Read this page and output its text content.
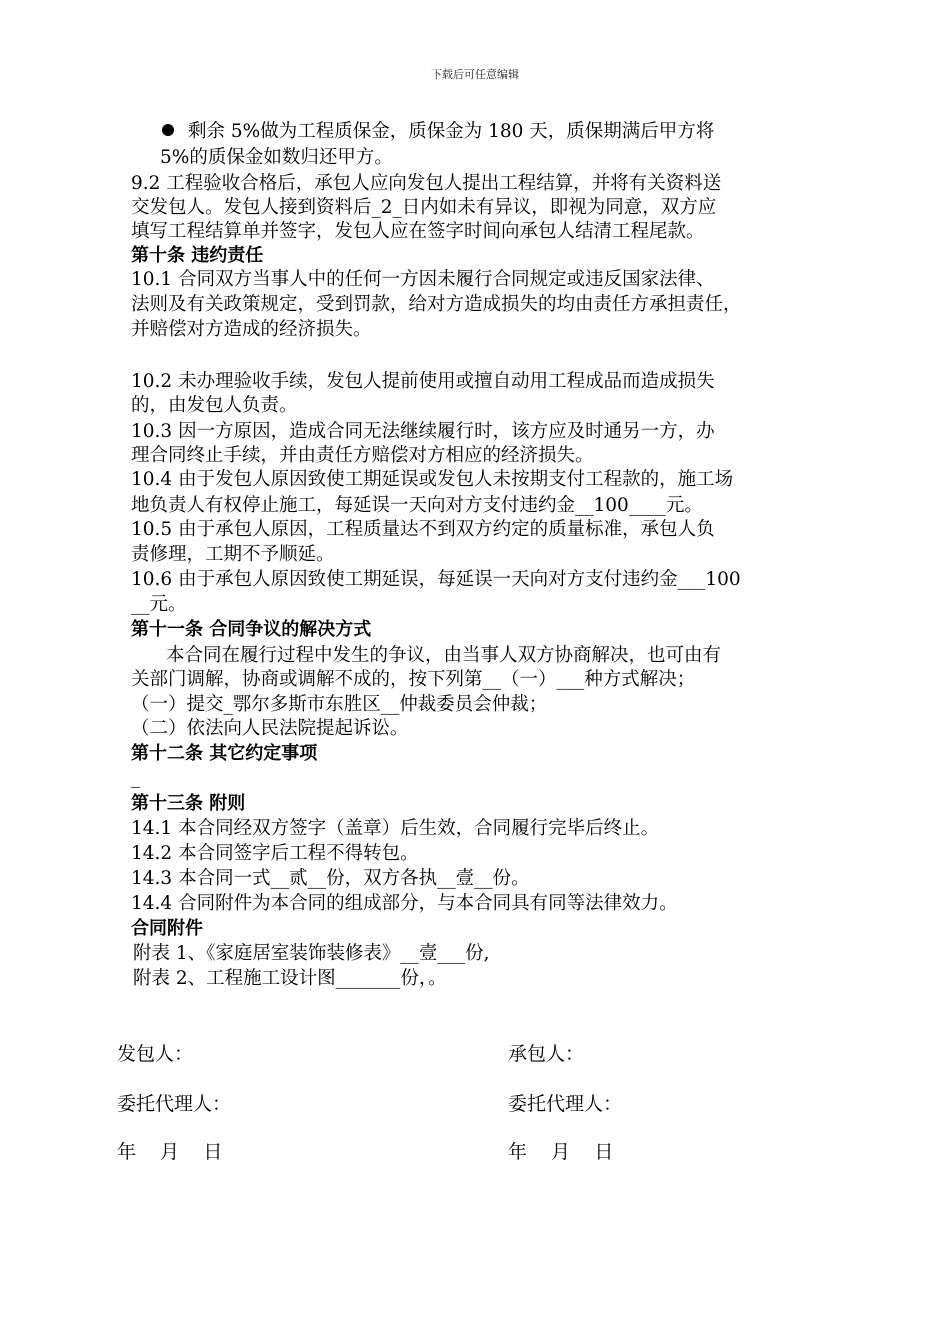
下载后可任意编辑
剩余 5%做为工程质保金，质保金为 180 天，质保期满后甲方将
5%的质保金如数归还甲方。
9.2 工程验收合格后，承包人应向发包人提出工程结算，并将有关资料送
交发包人。发包人接到资料后_2_日内如未有异议，即视为同意，双方应
填写工程结算单并签字，发包人应在签字时间向承包人结清工程尾款。
第十条 违约责任
10.1 合同双方当事人中的任何一方因未履行合同规定或违反国家法律、
法则及有关政策规定，受到罚款，给对方造成损失的均由责任方承担责任，
并赔偿对方造成的经济损失。
10.2 未办理验收手续，发包人提前使用或擅自动用工程成品而造成损失
的，由发包人负责。
10.3 因一方原因，造成合同无法继续履行时，该方应及时通另一方，办
理合同终止手续，并由责任方赔偿对方相应的经济损失。
10.4 由于发包人原因致使工期延误或发包人未按期支付工程款的，施工场
地负责人有权停止施工，每延误一天向对方支付违约金__100____元。
10.5 由于承包人原因，工程质量达不到双方约定的质量标准，承包人负
责修理，工期不予顺延。
10.6 由于承包人原因致使工期延误，每延误一天向对方支付违约金___100
__元。
第十一条 合同争议的解决方式
本合同在履行过程中发生的争议，由当事人双方协商解决，也可由有
关部门调解，协商或调解不成的，按下列第__（一）___种方式解决；
（一）提交_鄂尔多斯市东胜区__仲裁委员会仲裁；
（二）依法向人民法院提起诉讼。
第十二条 其它约定事项
_
第十三条 附则
14.1 本合同经双方签字（盖章）后生效，合同履行完毕后终止。
14.2 本合同签字后工程不得转包。
14.3 本合同一式__贰__份，双方各执__壹__份。
14.4 合同附件为本合同的组成部分，与本合同具有同等法律效力。
合同附件
附表 1、《家庭居室装饰装修表》__壹___份,
附表 2、工程施工设计图_______份，。
发包人：
委托代理人：
年    月    日
承包人：
委托代理人：
年    月    日
